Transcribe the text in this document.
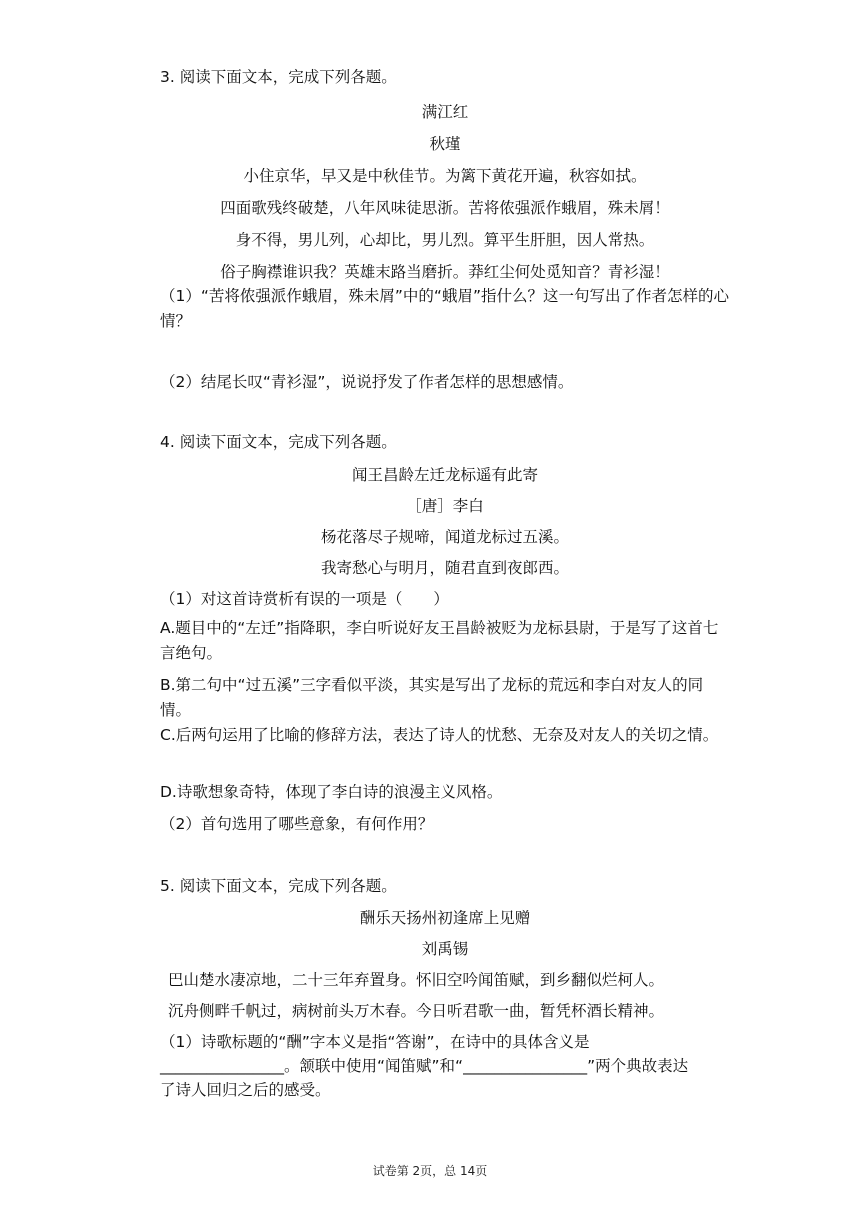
3. 阅读下面文本，完成下列各题。
满江红
秋瑾
小住京华，早又是中秋佳节。为篱下黄花开遍，秋容如拭。
四面歌残终破楚，八年风味徒思浙。苦将侬强派作蛾眉，殊未屑！
身不得，男儿列，心却比，男儿烈。算平生肝胆，因人常热。
俗子胸襟谁识我？英雄末路当磨折。莽红尘何处觅知音？青衫湿！
（1）“苦将侬强派作蛾眉，殊未屑”中的“蛾眉”指什么？这一句写出了作者怎样的心情？
（2）结尾长叹“青衫湿”，说说抒发了作者怎样的思想感情。
4. 阅读下面文本，完成下列各题。
闻王昌龄左迁龙标遥有此寄
［唐］李白
杨花落尽子规啼，闻道龙标过五溪。
我寄愁心与明月，随君直到夜郎西。
（1）对这首诗赏析有误的一项是（　　）
A.题目中的“左迁”指降职，李白听说好友王昌龄被贬为龙标县尉，于是写了这首七言绝句。
B.第二句中“过五溪”三字看似平淡，其实是写出了龙标的荒远和李白对友人的同情。
C.后两句运用了比喻的修辞方法，表达了诗人的忧愁、无奈及对友人的关切之情。
D.诗歌想象奇特，体现了李白诗的浪漫主义风格。
（2）首句选用了哪些意象，有何作用？
5. 阅读下面文本，完成下列各题。
酬乐天扬州初逢席上见赠
刘禹锡
巴山楚水凄凉地，二十三年弃置身。怀旧空吟闻笛赋，到乡翻似烂柯人。
沉舟侧畔千帆过，病树前头万木春。今日听君歌一曲，暂凭杯酒长精神。
（1）诗歌标题的“酬”字本义是指“答谢”，在诗中的具体含义是
________________。颔联中使用“闻笛赋”和“________________”两个典故表达
了诗人回归之后的感受。
试卷第 2页，总 14页
